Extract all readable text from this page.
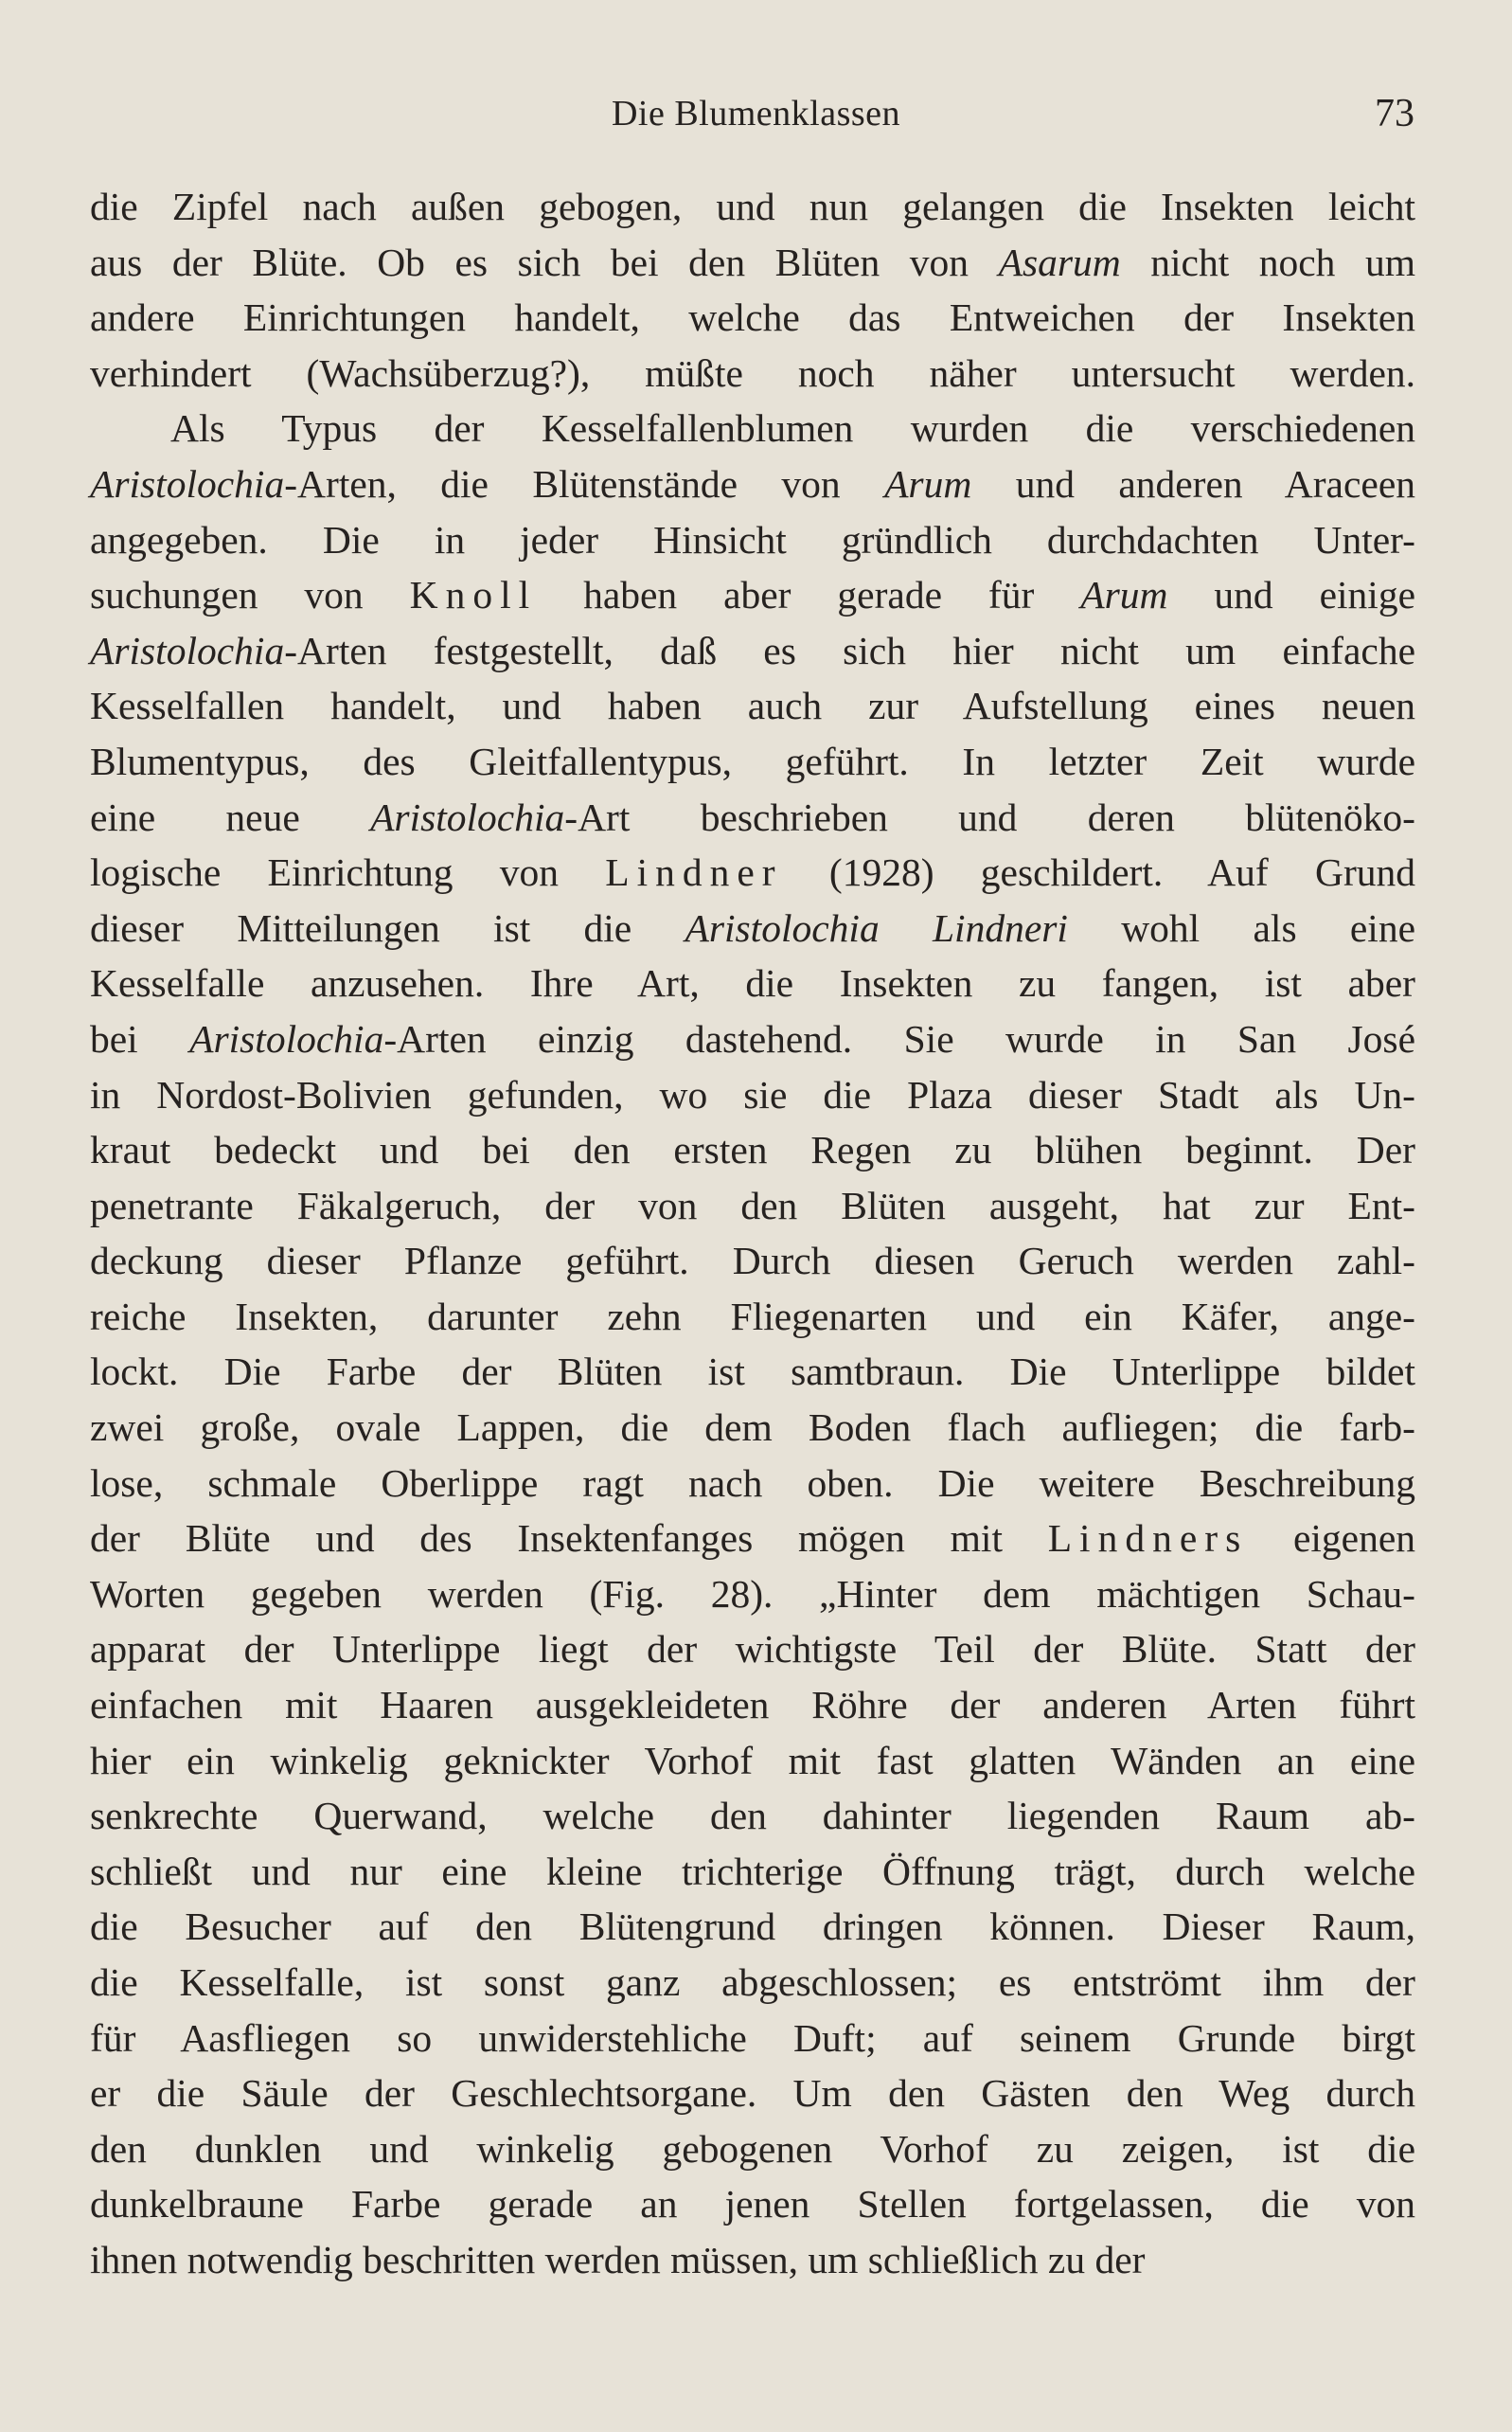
Die Blumenklassen	73
die Zipfel nach außen gebogen, und nun gelangen die Insekten leicht
aus der Blüte. Ob es sich bei den Blüten von Asarum nicht noch um
andere Einrichtungen handelt, welche das Entweichen der Insekten
verhindert (Wachsüberzug?), müßte noch näher untersucht werden.
Als Typus der Kesselfallenblumen wurden die verschiedenen
Aristolochia-Arten, die Blütenstände von Arum und anderen Araceen
angegeben. Die in jeder Hinsicht gründlich durchdachten Unter-
suchungen von Knoll haben aber gerade für Arum und einige
Aristolochia-Arten festgestellt, daß es sich hier nicht um einfache
Kesselfallen handelt, und haben auch zur Aufstellung eines neuen
Blumentypus, des Gleitfallentypus, geführt. In letzter Zeit wurde
eine neue Aristolochia-Art beschrieben und deren blütenöko-
logische Einrichtung von Lindner (1928) geschildert. Auf Grund
dieser Mitteilungen ist die Aristolochia Lindneri wohl als eine
Kesselfalle anzusehen. Ihre Art, die Insekten zu fangen, ist aber
bei Aristolochia-Arten einzig dastehend. Sie wurde in San José
in Nordost-Bolivien gefunden, wo sie die Plaza dieser Stadt als Un-
kraut bedeckt und bei den ersten Regen zu blühen beginnt. Der
penetrante Fäkalgeruch, der von den Blüten ausgeht, hat zur Ent-
deckung dieser Pflanze geführt. Durch diesen Geruch werden zahl-
reiche Insekten, darunter zehn Fliegenarten und ein Käfer, ange-
lockt. Die Farbe der Blüten ist samtbraun. Die Unterlippe bildet
zwei große, ovale Lappen, die dem Boden flach aufliegen; die farb-
lose, schmale Oberlippe ragt nach oben. Die weitere Beschreibung
der Blüte und des Insektenfanges mögen mit Lindners eigenen
Worten gegeben werden (Fig. 28). „Hinter dem mächtigen Schau-
apparat der Unterlippe liegt der wichtigste Teil der Blüte. Statt der
einfachen mit Haaren ausgekleideten Röhre der anderen Arten führt
hier ein winkelig geknickter Vorhof mit fast glatten Wänden an eine
senkrechte Querwand, welche den dahinter liegenden Raum ab-
schließt und nur eine kleine trichterige Öffnung trägt, durch welche
die Besucher auf den Blütengrund dringen können. Dieser Raum,
die Kesselfalle, ist sonst ganz abgeschlossen; es entströmt ihm der
für Aasfliegen so unwiderstehliche Duft; auf seinem Grunde birgt
er die Säule der Geschlechtsorgane. Um den Gästen den Weg durch
den dunklen und winkelig gebogenen Vorhof zu zeigen, ist die
dunkelbraune Farbe gerade an jenen Stellen fortgelassen, die von
ihnen notwendig beschritten werden müssen, um schließlich zu der
